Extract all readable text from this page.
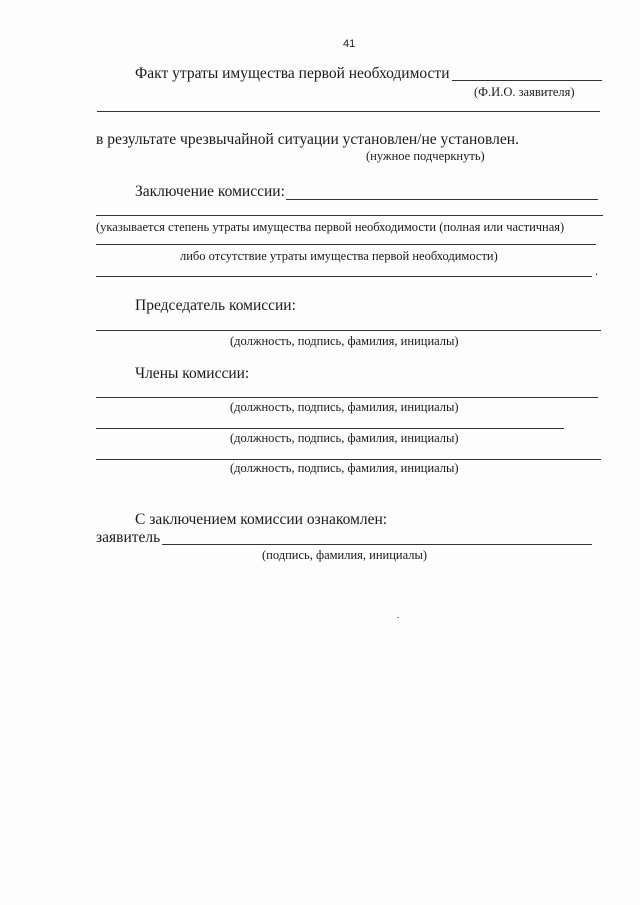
41
Факт утраты имущества первой необходимости
(Ф.И.О. заявителя)
в результате чрезвычайной ситуации установлен/не установлен.
(нужное подчеркнуть)
Заключение комиссии:
(указывается степень утраты имущества первой необходимости (полная или частичная)
либо отсутствие утраты имущества первой необходимости)
.
Председатель комиссии:
(должность, подпись, фамилия, инициалы)
Члены комиссии:
(должность, подпись, фамилия, инициалы)
(должность, подпись, фамилия, инициалы)
(должность, подпись, фамилия, инициалы)
С заключением комиссии ознакомлен:
заявитель
(подпись, фамилия, инициалы)
